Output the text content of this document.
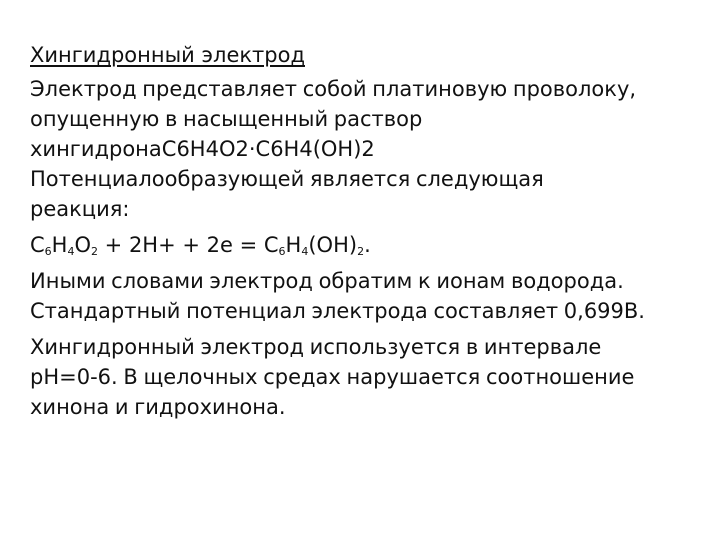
Хингидронный электрод
Электрод представляет собой платиновую проволоку,
опущенную в насыщенный раствор
хингидронаC6H4O2·C6H4(OH)2
Потенциалообразующей является следующая
реакция:
$C_6H_4O_2 + 2H+ + 2e = C_6H_4(OH)_2$.
Иными словами электрод обратим к ионам водорода.
Стандартный потенциал электрода составляет 0,699В.
Хингидронный электрод используется в интервале
pH=0-6. В щелочных средах нарушается соотношение
хинона и гидрохинона.
